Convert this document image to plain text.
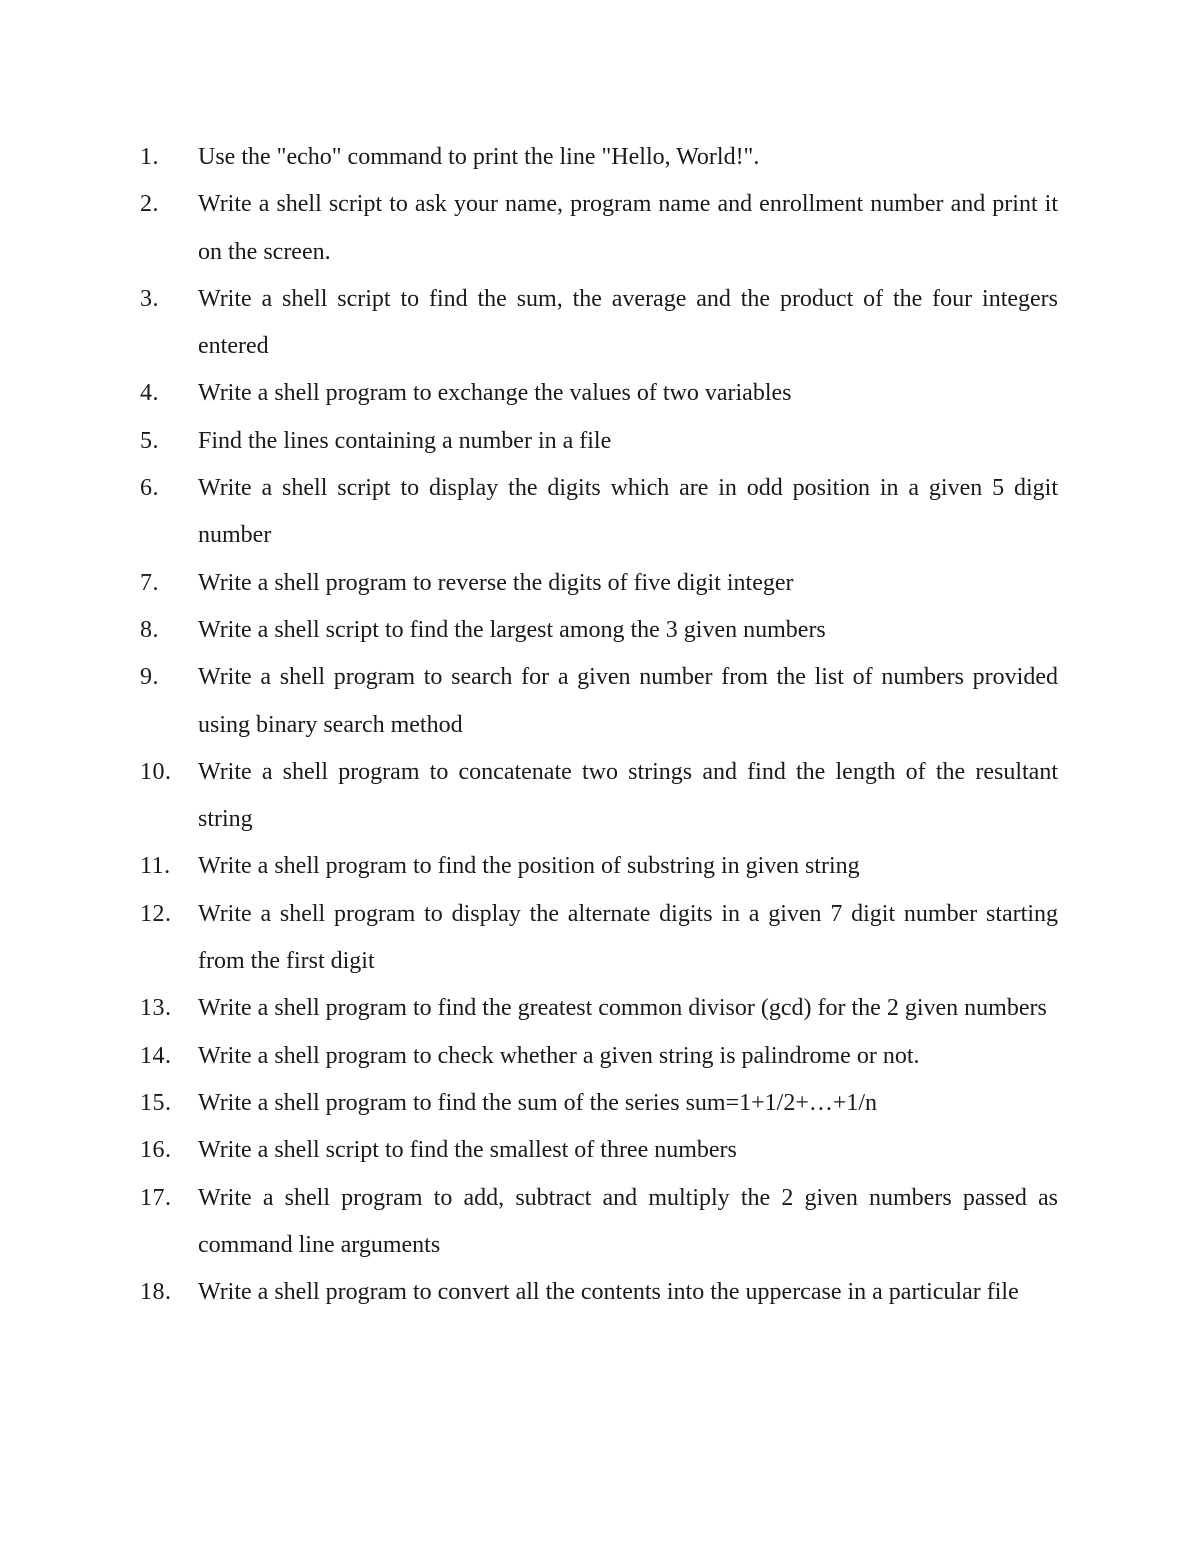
1.	Use the "echo" command to print the line "Hello, World!".
2.	Write a shell script to ask your name, program name and enrollment number and print it on the screen.
3.	Write a shell script to find the sum, the average and the product of the four integers entered
4.	Write a shell program to exchange the values of two variables
5.	Find the lines containing a number in a file
6.	Write a shell script to display the digits which are in odd position in a given 5 digit number
7.	Write a shell program to reverse the digits of five digit integer
8.	Write a shell script to find the largest among the 3 given numbers
9.	Write a shell program to search for a given number from the list of numbers provided using binary search method
10.	Write a shell program to concatenate two strings and find the length of the resultant string
11.	Write a shell program to find the position of substring in given string
12.	Write a shell program to display the alternate digits in a given 7 digit number starting from the first digit
13.	Write a shell program to find the greatest common divisor (gcd) for the 2 given numbers
14.	Write a shell program to check whether a given string is palindrome or not.
15.	Write a shell program to find the sum of the series sum=1+1/2+…+1/n
16.	Write a shell script to find the smallest of three numbers
17.	Write a shell program to add, subtract and multiply the 2 given numbers passed as command line arguments
18.	Write a shell program to convert all the contents into the uppercase in a particular file
